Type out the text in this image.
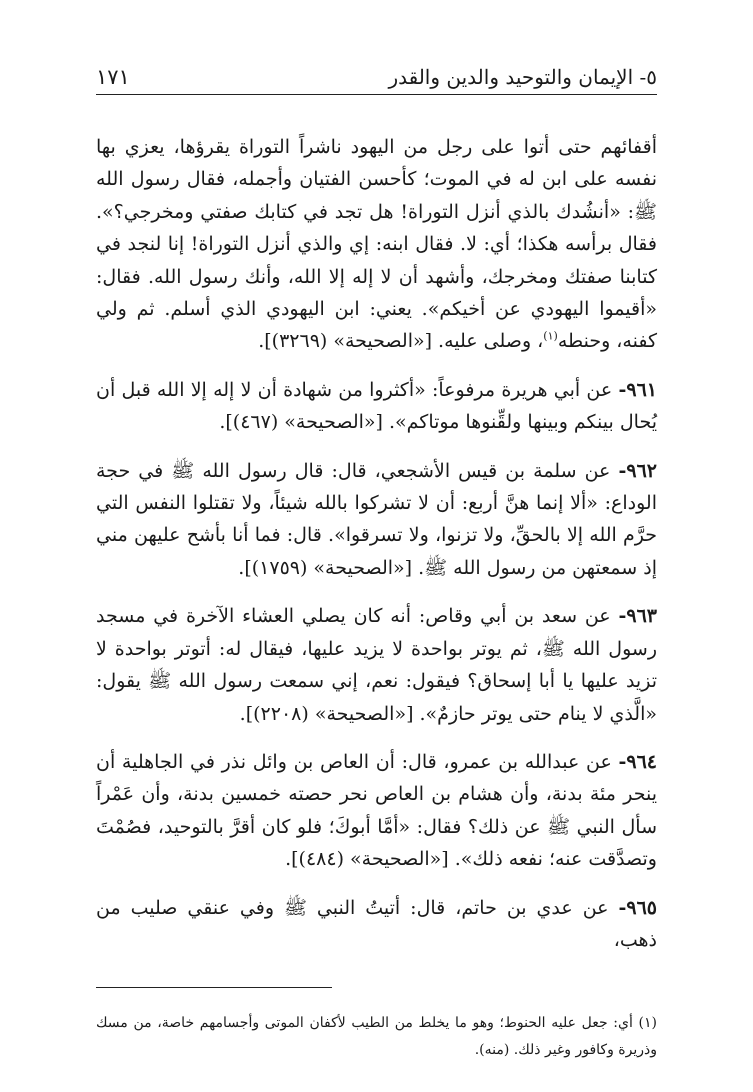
٥- الإيمان والتوحيد والدين والقدر
١٧١

أقفائهم حتى أتوا على رجل من اليهود ناشراً التوراة يقرؤها، يعزي بها نفسه على ابن له في الموت؛ كأحسن الفتيان وأجمله، فقال رسول الله ﷺ: «أنشُدك بالذي أنزل التوراة! هل تجد في كتابك صفتي ومخرجي؟». فقال برأسه هكذا؛ أي: لا. فقال ابنه: إي والذي أنزل التوراة! إنا لنجد في كتابنا صفتك ومخرجك، وأشهد أن لا إله إلا الله، وأنك رسول الله. فقال: «أقيموا اليهودي عن أخيكم». يعني: ابن اليهودي الذي أسلم. ثم ولي كفنه، وحنطه$^{(١)}$، وصلى عليه. [«الصحيحة» (٣٢٦٩)].

٩٦١- عن أبي هريرة مرفوعاً: «أكثروا من شهادة أن لا إله إلا الله قبل أن يُحال بينكم وبينها ولقِّنوها موتاكم». [«الصحيحة» (٤٦٧)].

٩٦٢- عن سلمة بن قيس الأشجعي، قال: قال رسول الله ﷺ في حجة الوداع: «ألا إنما هنَّ أربع: أن لا تشركوا بالله شيئاً، ولا تقتلوا النفس التي حرَّم الله إلا بالحقِّ، ولا تزنوا، ولا تسرقوا». قال: فما أنا بأشح عليهن مني إذ سمعتهن من رسول الله ﷺ. [«الصحيحة» (١٧٥٩)].

٩٦٣- عن سعد بن أبي وقاص: أنه كان يصلي العشاء الآخرة في مسجد رسول الله ﷺ، ثم يوتر بواحدة لا يزيد عليها، فيقال له: أتوتر بواحدة لا تزيد عليها يا أبا إسحاق؟ فيقول: نعم، إني سمعت رسول الله ﷺ يقول: «الَّذي لا ينام حتى يوتر حازمٌ». [«الصحيحة» (٢٢٠٨)].

٩٦٤- عن عبدالله بن عمرو، قال: أن العاص بن وائل نذر في الجاهلية أن ينحر مئة بدنة، وأن هشام بن العاص نحر حصته خمسين بدنة، وأن عَمْراً سأل النبي ﷺ عن ذلك؟ فقال: «أمَّا أبوكَ؛ فلو كان أقرَّ بالتوحيد، فصُمْتَ وتصدَّقت عنه؛ نفعه ذلك». [«الصحيحة» (٤٨٤)].

٩٦٥- عن عدي بن حاتم، قال: أتيتُ النبي ﷺ وفي عنقي صليب من ذهب،

(١) أي: جعل عليه الحنوط؛ وهو ما يخلط من الطيب لأكفان الموتى وأجسامهم خاصة، من مسك وذريرة وكافور وغير ذلك. (منه).
